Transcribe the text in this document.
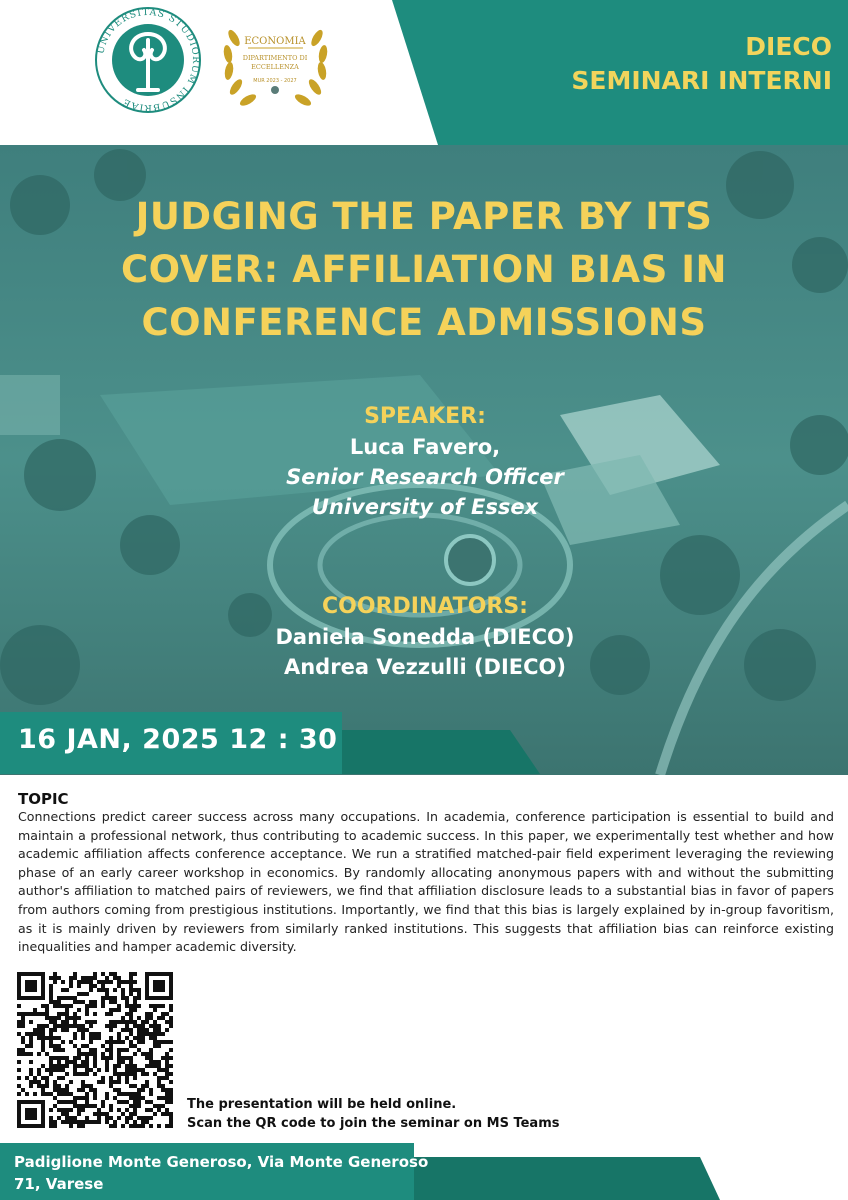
UNIVERSITAS STUDIORUM INSUBRIAE
ECONOMIA
DIPARTIMENTO DI
ECCELLENZA
MUR 2023 - 2027
DIECO
SEMINARI INTERNI
JUDGING THE PAPER BY ITS
COVER: AFFILIATION BIAS IN
CONFERENCE ADMISSIONS
SPEAKER:
Luca Favero,
Senior Research Officer
University of Essex
COORDINATORS:
Daniela Sonedda (DIECO)
Andrea Vezzulli (DIECO)
16 JAN, 2025 12 : 30
TOPIC
Connections predict career success across many occupations. In academia, conference participation is essential to build and maintain a professional network, thus contributing to academic success. In this paper, we experimentally test whether and how academic affiliation affects conference acceptance. We run a stratified matched-pair field experiment leveraging the reviewing phase of an early career workshop in economics. By randomly allocating anonymous papers with and without the submitting author's affiliation to matched pairs of reviewers, we find that affiliation disclosure leads to a substantial bias in favor of papers from authors coming from prestigious institutions. Importantly, we find that this bias is largely explained by in-group favoritism, as it is mainly driven by reviewers from similarly ranked institutions. This suggests that affiliation bias can reinforce existing inequalities and hamper academic diversity.
The presentation will be held online.
Scan the QR code to join the seminar on MS Teams
Padiglione Monte Generoso, Via Monte Generoso
71, Varese
